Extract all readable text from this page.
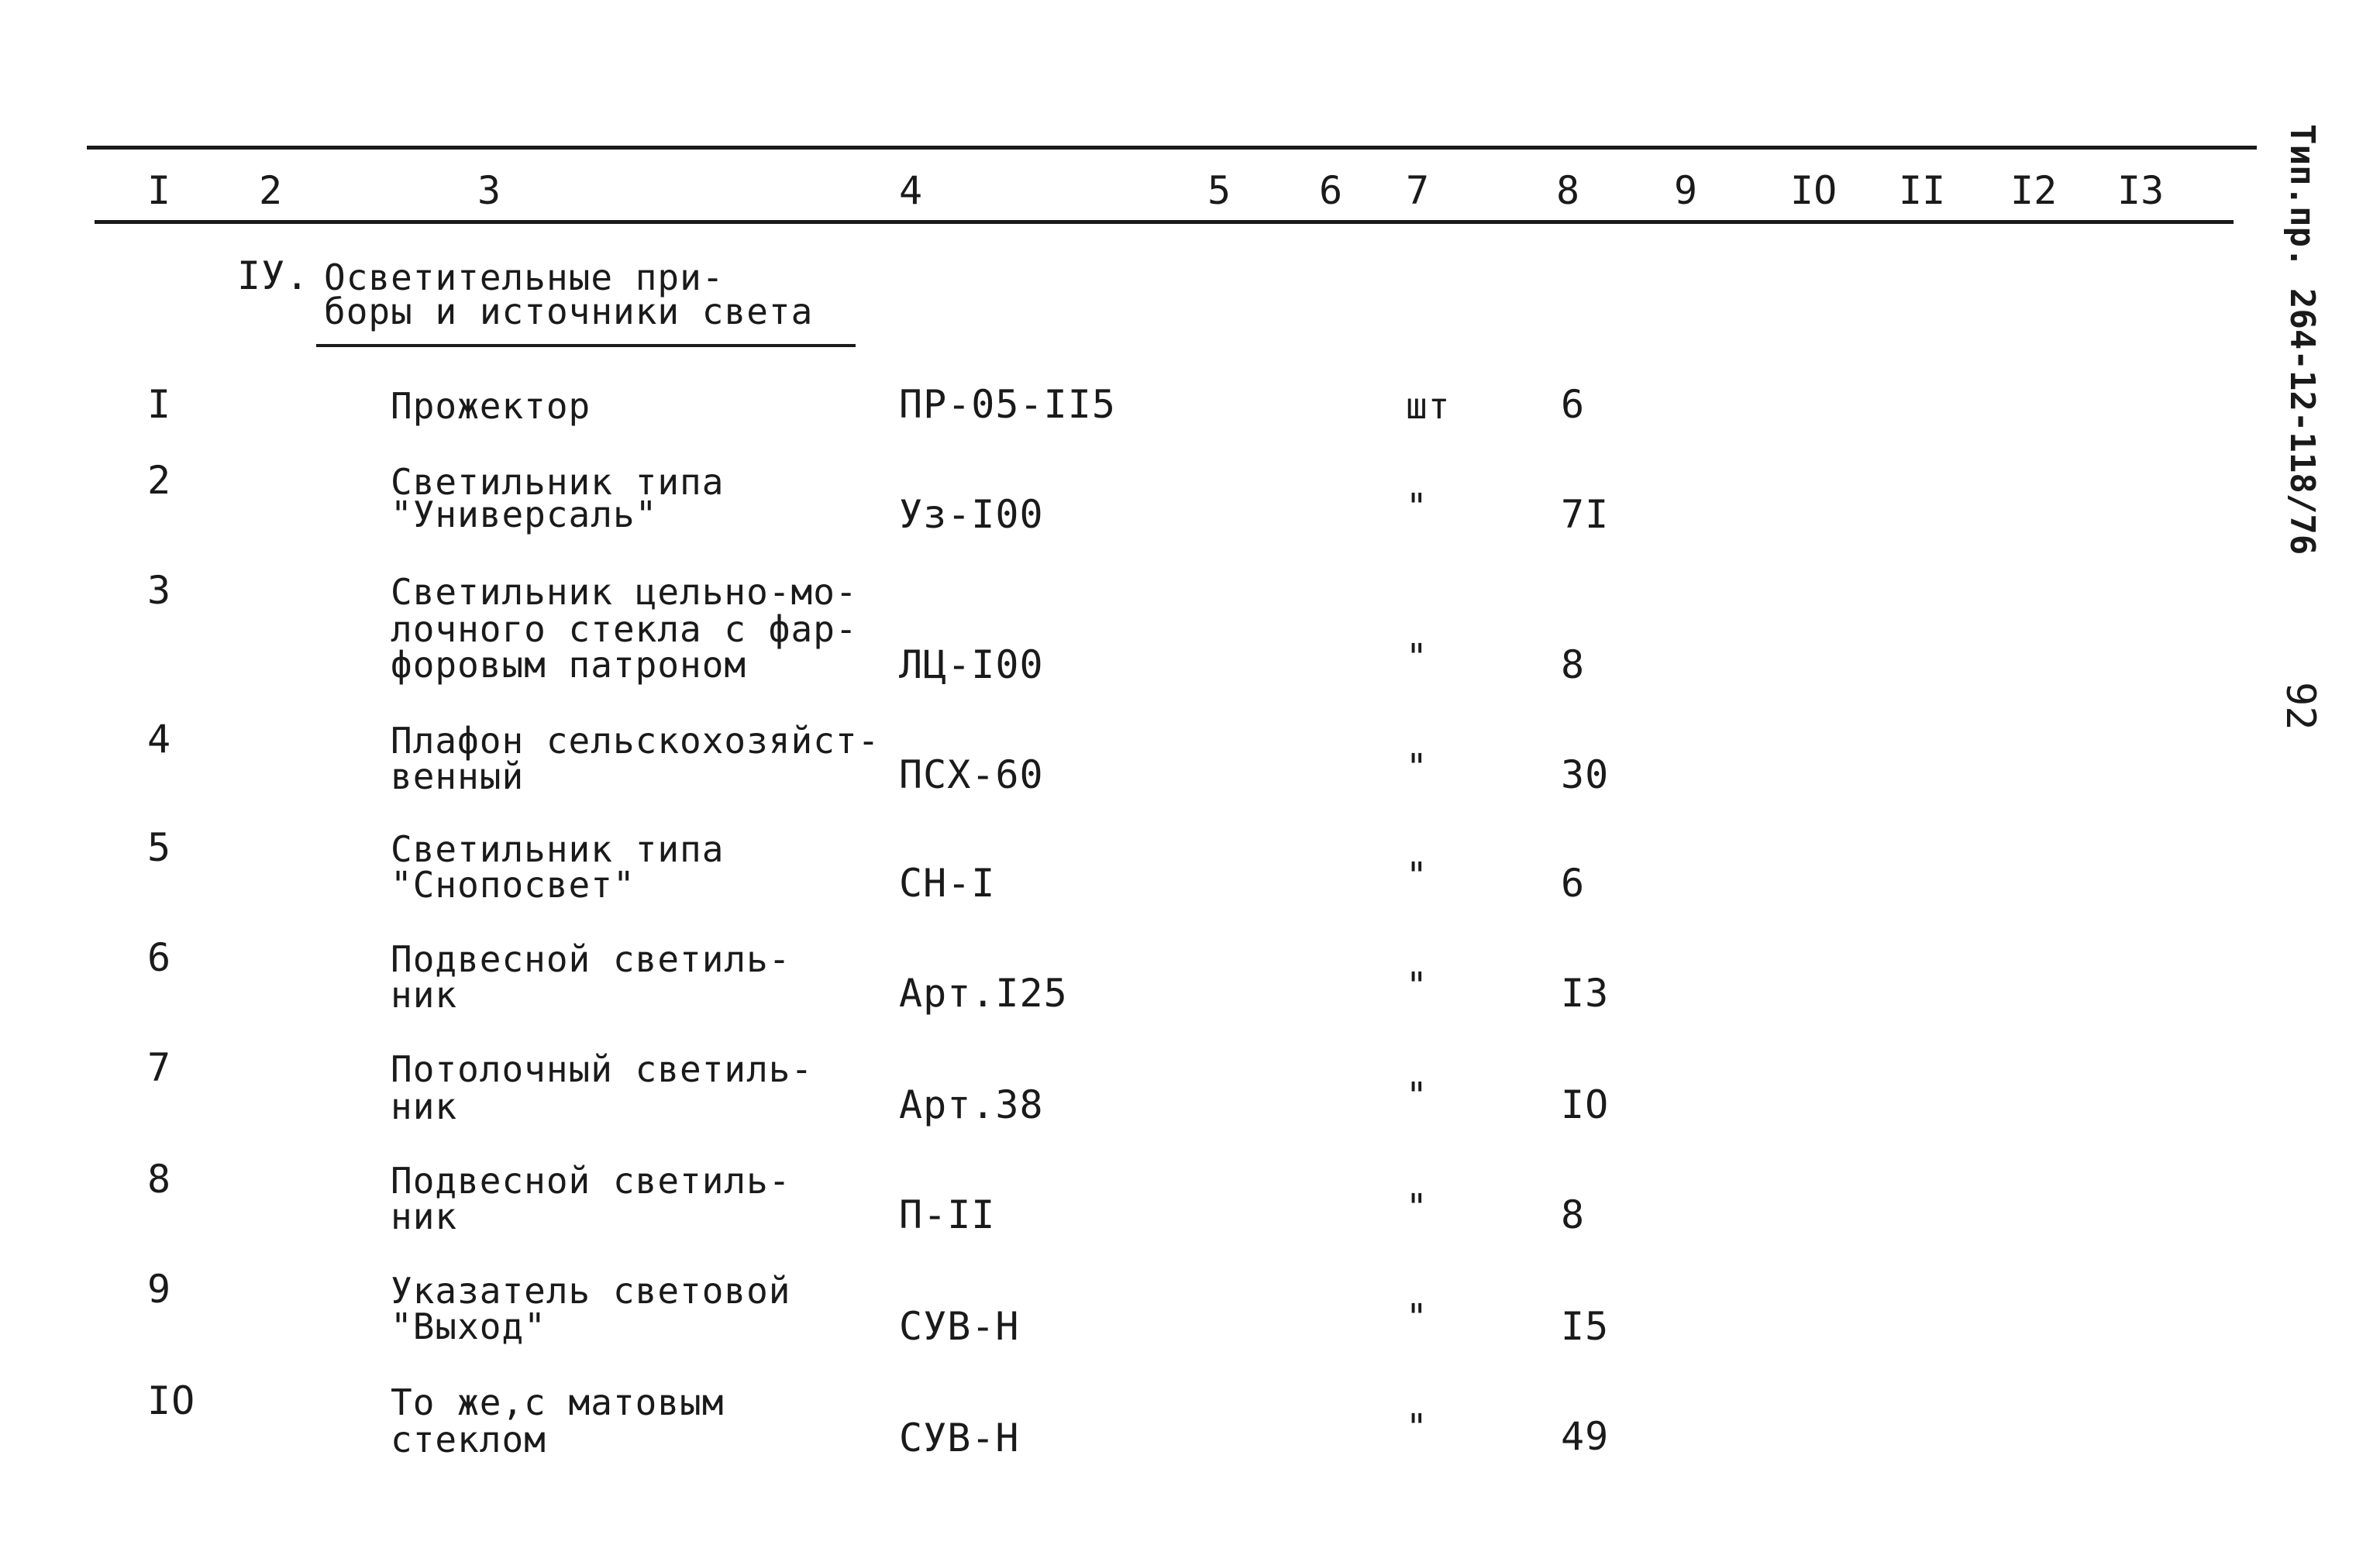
I 2	3	4	5 6 7	8 9 IO II I2 I3
IУ. Осветительные при-
боры и источники света
I	Прожектор	ПР-05-II5	шт	6
2	Светильник типа
"Универсаль"	Уз-I00	"	7I
3	Светильник цельно-мо-
лочного стекла с фар-
форовым патроном	ЛЦ-I00	"	8
4	Плафон сельскохозяйст-
венный	ПСХ-60	"	30
5	Светильник типа
"Снопосвет"	СН-I	"	6
6	Подвесной светиль-
ник	Арт.I25	"	I3
7	Потолочный светиль-
ник	Арт.38	"	IO
8	Подвесной светиль-
ник	П-II	"	8
9	Указатель световой
"Выход"	СУВ-Н	"	I5
IO	То же,с матовым
стеклом	СУВ-Н	"	49
Тип.пр. 264-12-118/76
92
